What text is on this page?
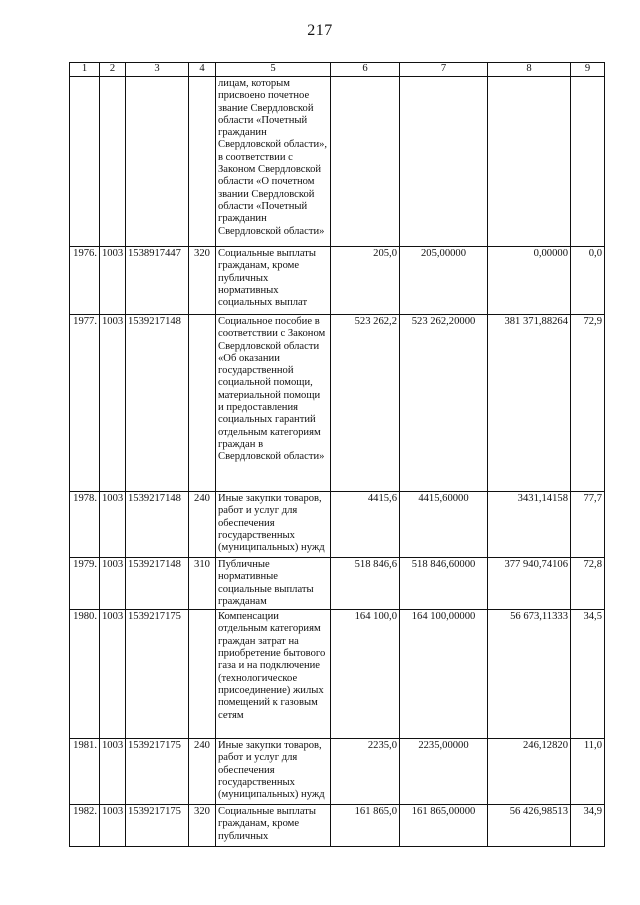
217
1	2	3	4	5	6	7	8	9
				лицам, которым присвоено почетное звание Свердловской области «Почетный гражданин Свердловской области», в соответствии с Законом Свердловской области «О почетном звании Свердловской области «Почетный гражданин Свердловской области»				
1976.	1003	1538917447	320	Социальные выплаты гражданам, кроме публичных нормативных социальных выплат	205,0	205,00000	0,00000	0,0
1977.	1003	1539217148		Социальное пособие в соответствии с Законом Свердловской области «Об оказании государственной социальной помощи, материальной помощи и предоставления социальных гарантий отдельным категориям граждан в Свердловской области»	523 262,2	523 262,20000	381 371,88264	72,9
1978.	1003	1539217148	240	Иные закупки товаров, работ и услуг для обеспечения государственных (муниципальных) нужд	4415,6	4415,60000	3431,14158	77,7
1979.	1003	1539217148	310	Публичные нормативные социальные выплаты гражданам	518 846,6	518 846,60000	377 940,74106	72,8
1980.	1003	1539217175		Компенсации отдельным категориям граждан затрат на приобретение бытового газа и на подключение (технологическое присоединение) жилых помещений к газовым сетям	164 100,0	164 100,00000	56 673,11333	34,5
1981.	1003	1539217175	240	Иные закупки товаров, работ и услуг для обеспечения государственных (муниципальных) нужд	2235,0	2235,00000	246,12820	11,0
1982.	1003	1539217175	320	Социальные выплаты гражданам, кроме публичных	161 865,0	161 865,00000	56 426,98513	34,9
